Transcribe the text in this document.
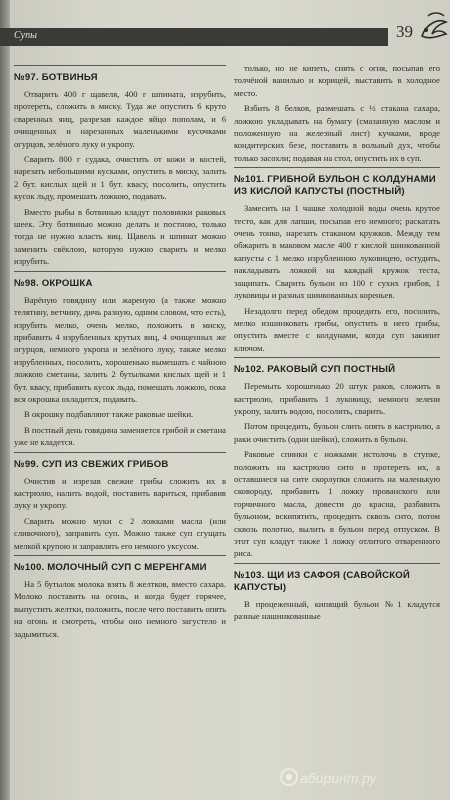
Супы	39
№97. БОТВИНЬЯ

Отварить 400 г щавеля, 400 г шпината, изрубить, протереть, сложить в миску. Туда же опустить 6 круто сваренных яиц, разрезав каждое яйцо пополам, и 6 очищенных и нарезанных маленькими кусочками огурцов, зелёного луку и укропу.

Сварить 800 г судака, очистить от кожи и костей, нарезать небольшими кусками, опустить в миску, залить 2 бут. кислых щей и 1 бут. квасу, посолить, опустить кусок льду, промешать ложкою, подавать.

Вместо рыбы в ботвинью кладут половинки раковых шеек. Эту ботвинью можно делать и постною, только тогда не нужно класть яиц. Щавель и шпинат можно заменить свёклою, которую нужно сварить и мелко изрубить.

№98. ОКРОШКА

Варёную говядину или жареную (а также можно телятину, ветчину, дичь разную, одним словом, что есть), изрубить мелко, очень мелко, положить в миску, прибавить 4 изрубленных крутых яиц, 4 очищенных же огурцов, немного укропа и зелёного луку, также мелко изрубленных, посолить, хорошенько вымешать с чайною ложкою сметаны, залить 2 бутылками кислых щей и 1 бут. квасу, прибавить кусок льда, помешать ложкою, пока вся окрошка охладится, подавать.

В окрошку подбавляют также раковые шейки.

В постный день говядина заменяется грибой и сметана уже не кладется.

№99. СУП ИЗ СВЕЖИХ ГРИБОВ

Очистив и изрезав свежие грибы сложить их в кастрюлю, налить водой, поставить вариться, прибавив луку и укропу.

Сварить можно муки с 2 ложками масла (или сливочного), заправить суп. Можно также суп сгущать мелкой крупою и заправлять его немного уксусом.

№100. МОЛОЧНЫЙ СУП С МЕРЕНГАМИ

На 5 бутылок молока взять 8 желтков, вместо сахара. Молоко поставить на огонь, и когда будет горячее, выпустить желтки, положить, после чего поставить опять на огонь и смотреть, чтобы оно немного загустело и задымиться.

только, но не кипеть, снять с огня, посыпав его толчёной ванилью и корицей, выставить в холодное место.

Взбить 8 белков, размешать с ½ стакана сахара, ложкою укладывать на бумагу (смазанную маслом и положенную на железный лист) кучками, вроде кондитерских безе, поставить в вольный дух, чтобы только засохли; подавая на стол, опустить их в суп.

№101. ГРИБНОЙ БУЛЬОН С КОЛДУНАМИ ИЗ КИСЛОЙ КАПУСТЫ (ПОСТНЫЙ)

Замесить на 1 чашке холодной воды очень крутое тесто, как для лапши, посыпав его немного; раскатать очень тонко, нарезать стаканом кружков. Между тем обжарить в маковом масле 400 г кислой шинкованной капусты с 1 мелко изрубленною луковицею, остудить, накладывать ложкой на каждый кружок теста, защипать. Сварить бульон из 100 г сухих грибов, 1 луковицы и разных шинкованных кореньев.

Незадолго перед обедом процедить его, посолить, мелко изшинковать грибы, опустить в него грибы, опустить вместе с колдунами, когда суп закипит ключом.

№102. РАКОВЫЙ СУП ПОСТНЫЙ

Перемыть хорошенько 20 штук раков, сложить в кастрюлю, прибавить 1 луковицу, немного зелени укропу, залить водою, посолить, сварить.

Потом процедить, бульон слить опять в кастрюлю, а раки очистить (одни шейки), сложить в бульон.

Раковые спинки с ножками истолочь в ступке, положить на кастрюлю сито и протереть их, а оставшиеся на сите скорлупки сложить на маленькую сковороду, прибавить 1 ложку прованского или горчичного масла, довести до красна, разбавить бульоном, вскипятить, процедить сквозь сито, потом сквозь полотно, вылить в бульон перед отпуском. В этот суп кладут также 1 ложку отлитого отваренного риса.

№103. ЩИ ИЗ САФОЯ (САВОЙСКОЙ КАПУСТЫ)

В процеженный, кипящий бульон №1 кладутся разные нашинкованные

абиринт.ру
